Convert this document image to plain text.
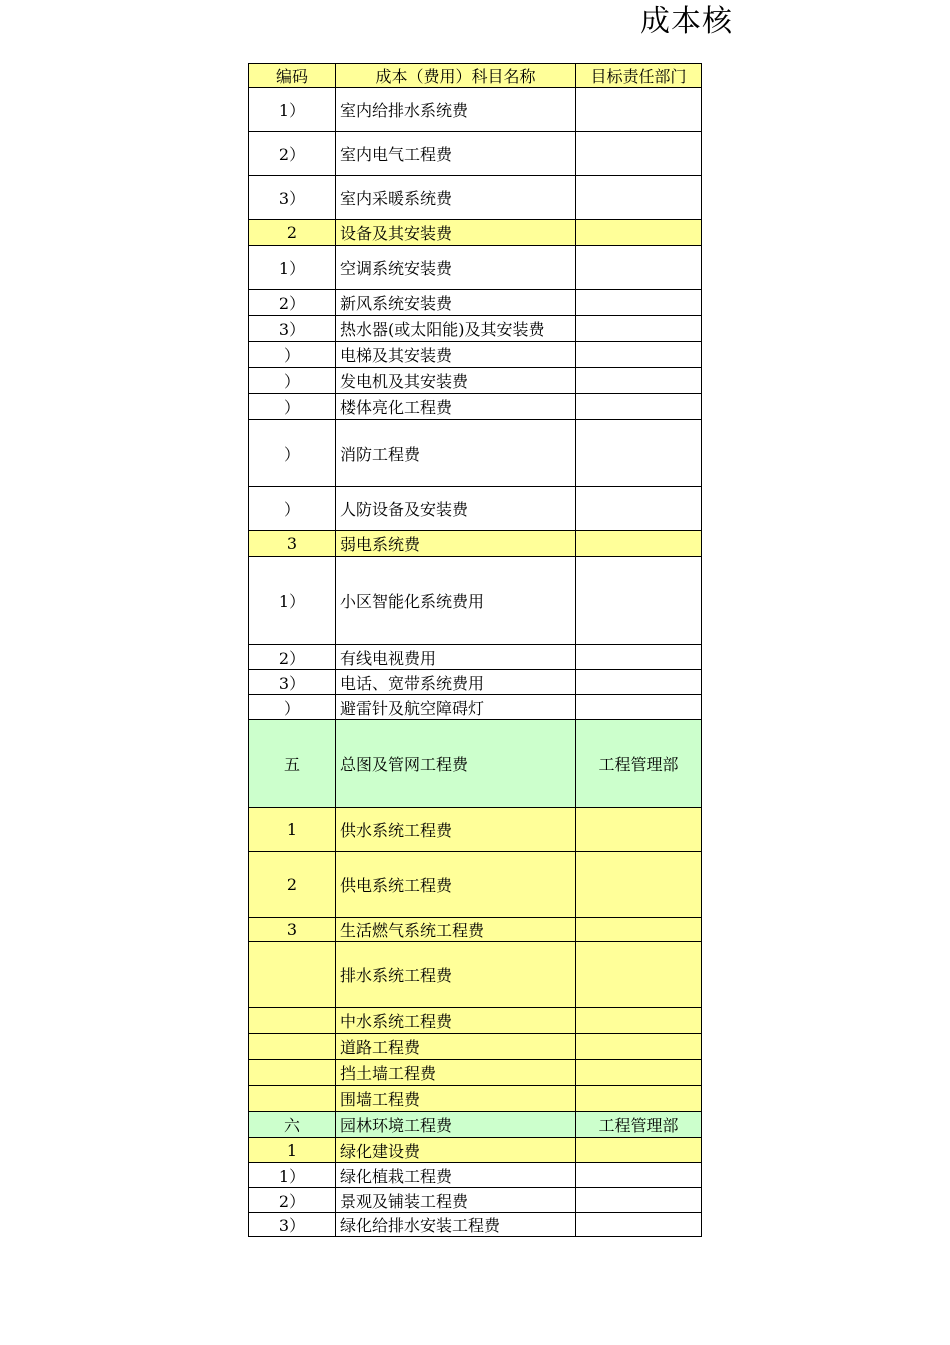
成本核
编码	成本（费用）科目名称	目标责任部门
1）	室内给排水系统费	
2）	室内电气工程费	
3）	室内采暖系统费	
2	设备及其安装费	
1）	空调系统安装费	
2）	新风系统安装费	
3）	热水器(或太阳能)及其安装费	
）	电梯及其安装费	
）	发电机及其安装费	
）	楼体亮化工程费	
）	消防工程费	
）	人防设备及安装费	
3	弱电系统费	
1）	小区智能化系统费用	
2）	有线电视费用	
3）	电话、宽带系统费用	
）	避雷针及航空障碍灯	
五	总图及管网工程费	工程管理部
1	供水系统工程费	
2	供电系统工程费	
3	生活燃气系统工程费	
	排水系统工程费	
	中水系统工程费	
	道路工程费	
	挡土墙工程费	
	围墙工程费	
六	园林环境工程费	工程管理部
1	绿化建设费	
1）	绿化植栽工程费	
2）	景观及铺装工程费	
3）	绿化给排水安装工程费	
